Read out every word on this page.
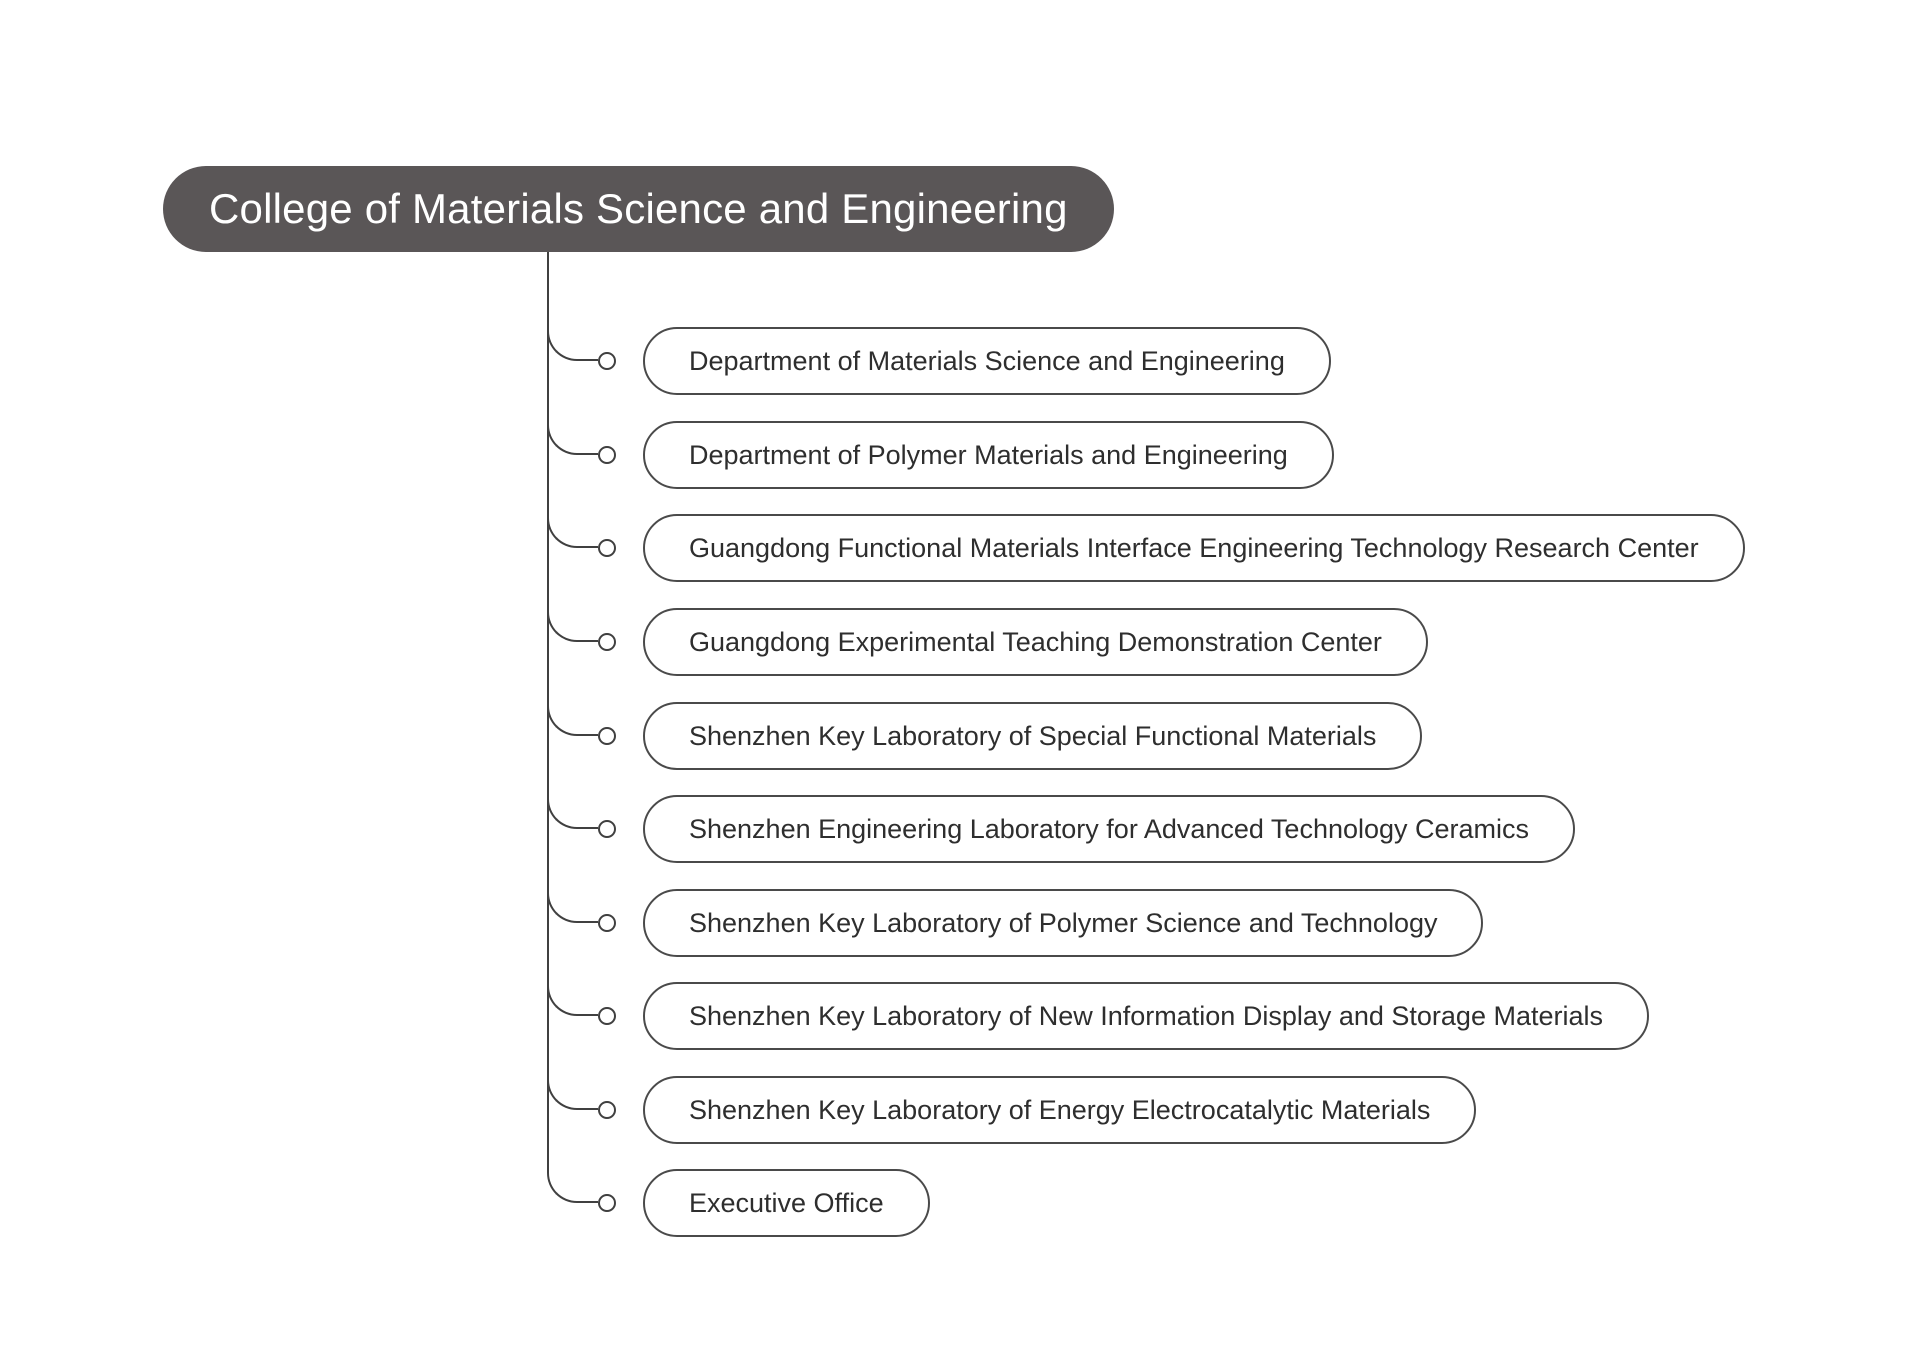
College of Materials Science and Engineering
Department of Materials Science and Engineering
Department of Polymer Materials and Engineering
Guangdong Functional Materials Interface Engineering Technology Research Center
Guangdong Experimental Teaching Demonstration Center
Shenzhen Key Laboratory of Special Functional Materials
Shenzhen Engineering Laboratory for Advanced Technology Ceramics
Shenzhen Key Laboratory of Polymer Science and Technology
Shenzhen Key Laboratory of New Information Display and Storage Materials
Shenzhen Key Laboratory of Energy Electrocatalytic Materials
Executive Office
